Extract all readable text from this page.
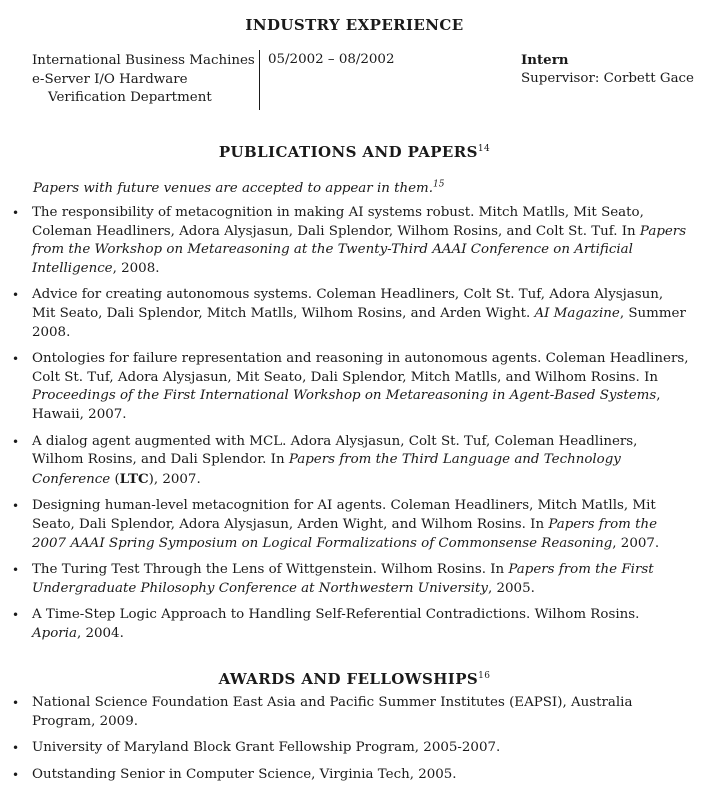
INDUSTRY EXPERIENCE
International Business Machines
e-Server I/O Hardware
Verification Department
05/2002 – 08/2002	Intern
Supervisor: Corbett Gace
PUBLICATIONS AND PAPERS$^{14}$
Papers with future venues are accepted to appear in them.$^{15}$
• The responsibility of metacognition in making AI systems robust. Mitch Matlls, Mit Seato, Coleman Headliners, Adora Alysjasun, Dali Splendor, Wilhom Rosins, and Colt St. Tuf. In Papers from the Workshop on Metareasoning at the Twenty-Third AAAI Conference on Artificial Intelligence, 2008.
• Advice for creating autonomous systems. Coleman Headliners, Colt St. Tuf, Adora Alysjasun, Mit Seato, Dali Splendor, Mitch Matlls, Wilhom Rosins, and Arden Wight. AI Magazine, Summer 2008.
• Ontologies for failure representation and reasoning in autonomous agents. Coleman Headliners, Colt St. Tuf, Adora Alysjasun, Mit Seato, Dali Splendor, Mitch Matlls, and Wilhom Rosins. In Proceedings of the First International Workshop on Metareasoning in Agent-Based Systems, Hawaii, 2007.
• A dialog agent augmented with MCL. Adora Alysjasun, Colt St. Tuf, Coleman Headliners, Wilhom Rosins, and Dali Splendor. In Papers from the Third Language and Technology Conference (LTC), 2007.
• Designing human-level metacognition for AI agents. Coleman Headliners, Mitch Matlls, Mit Seato, Dali Splendor, Adora Alysjasun, Arden Wight, and Wilhom Rosins. In Papers from the 2007 AAAI Spring Symposium on Logical Formalizations of Commonsense Reasoning, 2007.
• The Turing Test Through the Lens of Wittgenstein. Wilhom Rosins. In Papers from the First Undergraduate Philosophy Conference at Northwestern University, 2005.
• A Time-Step Logic Approach to Handling Self-Referential Contradictions. Wilhom Rosins. Aporia, 2004.
AWARDS AND FELLOWSHIPS$^{16}$
• National Science Foundation East Asia and Pacific Summer Institutes (EAPSI), Australia Program, 2009.
• University of Maryland Block Grant Fellowship Program, 2005-2007.
• Outstanding Senior in Computer Science, Virginia Tech, 2005.
